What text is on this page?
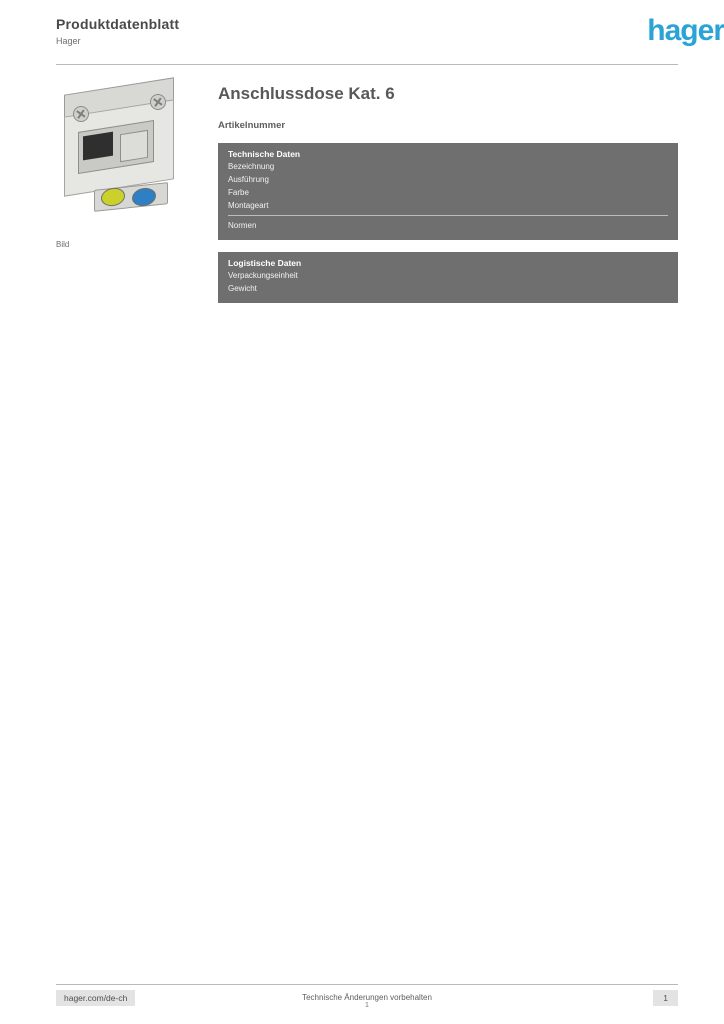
Produktdatenblatt
Hager	hager
Bild
Anschlussdose Kat. 6
Artikelnummer
Technische Daten
Bezeichnung	
Ausführung	
Farbe	
Montageart	
Normen	
Logistische Daten
Verpackungseinheit	
Gewicht	
hager.com/de-ch	Technische Änderungen vorbehalten
1
1
